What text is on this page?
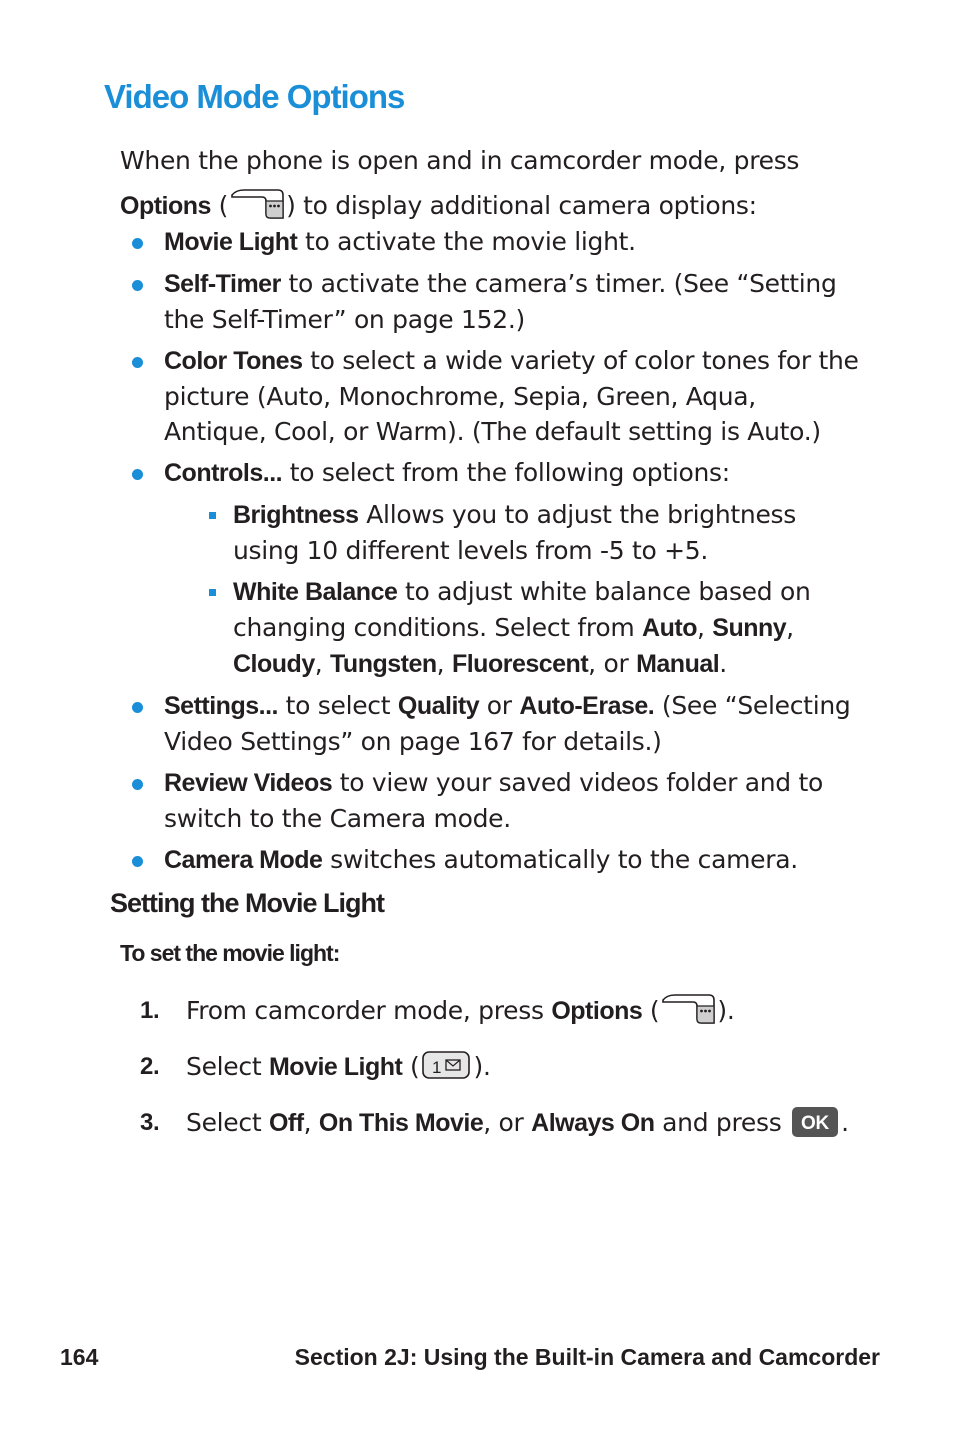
Video Mode Options
When the phone is open and in camcorder mode, press
Options ( ) to display additional camera options:
Movie Light to activate the movie light.
Self-Timer to activate the camera’s timer. (See “Setting the Self-Timer” on page 152.)
Color Tones to select a wide variety of color tones for the picture (Auto, Monochrome, Sepia, Green, Aqua, Antique, Cool, or Warm). (The default setting is Auto.)
Controls... to select from the following options:
Brightness Allows you to adjust the brightness using 10 different levels from -5 to +5.
White Balance to adjust white balance based on changing conditions. Select from Auto, Sunny, Cloudy, Tungsten, Fluorescent, or Manual.
Settings... to select Quality or Auto-Erase. (See “Selecting Video Settings” on page 167 for details.)
Review Videos to view your saved videos folder and to switch to the Camera mode.
Camera Mode switches automatically to the camera.
Setting the Movie Light
To set the movie light:
1. From camcorder mode, press Options ( ).
2. Select Movie Light ( 1 ).
3. Select Off, On This Movie, or Always On and press OK .
164	Section 2J: Using the Built-in Camera and Camcorder
